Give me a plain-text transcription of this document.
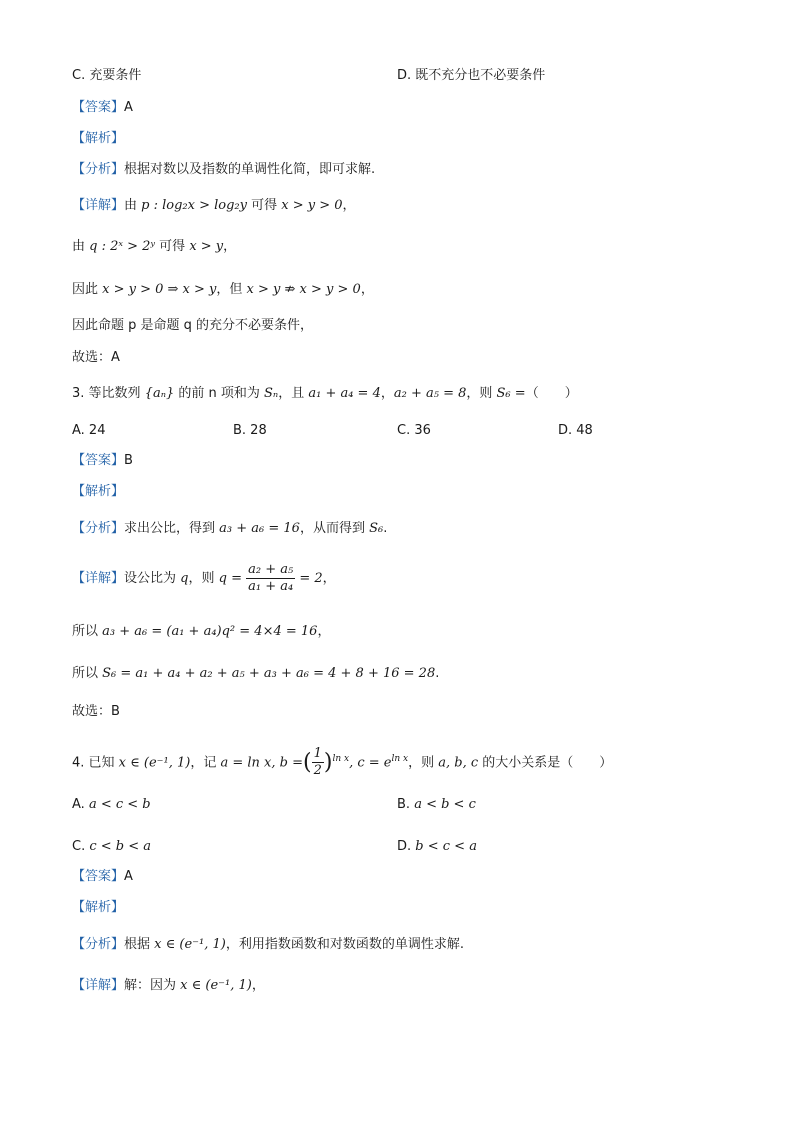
C. 充要条件	D. 既不充分也不必要条件
【答案】A
【解析】
【分析】根据对数以及指数的单调性化简，即可求解.
【详解】由 p : log₂x > log₂y 可得 x > y > 0，
由 q : 2ˣ > 2ʸ 可得 x > y，
因此 x > y > 0 ⇒ x > y，但 x > y ⇏ x > y > 0，
因此命题 p 是命题 q 的充分不必要条件，
故选：A
3. 等比数列 {aₙ} 的前 n 项和为 Sₙ，且 a₁ + a₄ = 4，a₂ + a₅ = 8，则 S₆ =（　　）
A. 24	B. 28	C. 36	D. 48
【答案】B
【解析】
【分析】求出公比，得到 a₃ + a₆ = 16，从而得到 S₆.
【详解】设公比为 q，则 $q = \frac{\text{a₂ + a₅}}{\text{a₁ + a₄}} = 2$，
所以 a₃ + a₆ = (a₁ + a₄)q² = 4×4 = 16，
所以 S₆ = a₁ + a₄ + a₂ + a₅ + a₃ + a₆ = 4 + 8 + 16 = 28.
故选：B
4. 已知 x ∈ (e⁻¹, 1)，记 a = ln x, b =( $\frac{1}{2} )^{ln x}$, $c = e^{ln x}$，则 a, b, c 的大小关系是（　　）
A. a < c < b	B. a < b < c
C. c < b < a	D. b < c < a
【答案】A
【解析】
【分析】根据 x ∈ (e⁻¹, 1)，利用指数函数和对数函数的单调性求解.
【详解】解：因为 x ∈ (e⁻¹, 1)，
